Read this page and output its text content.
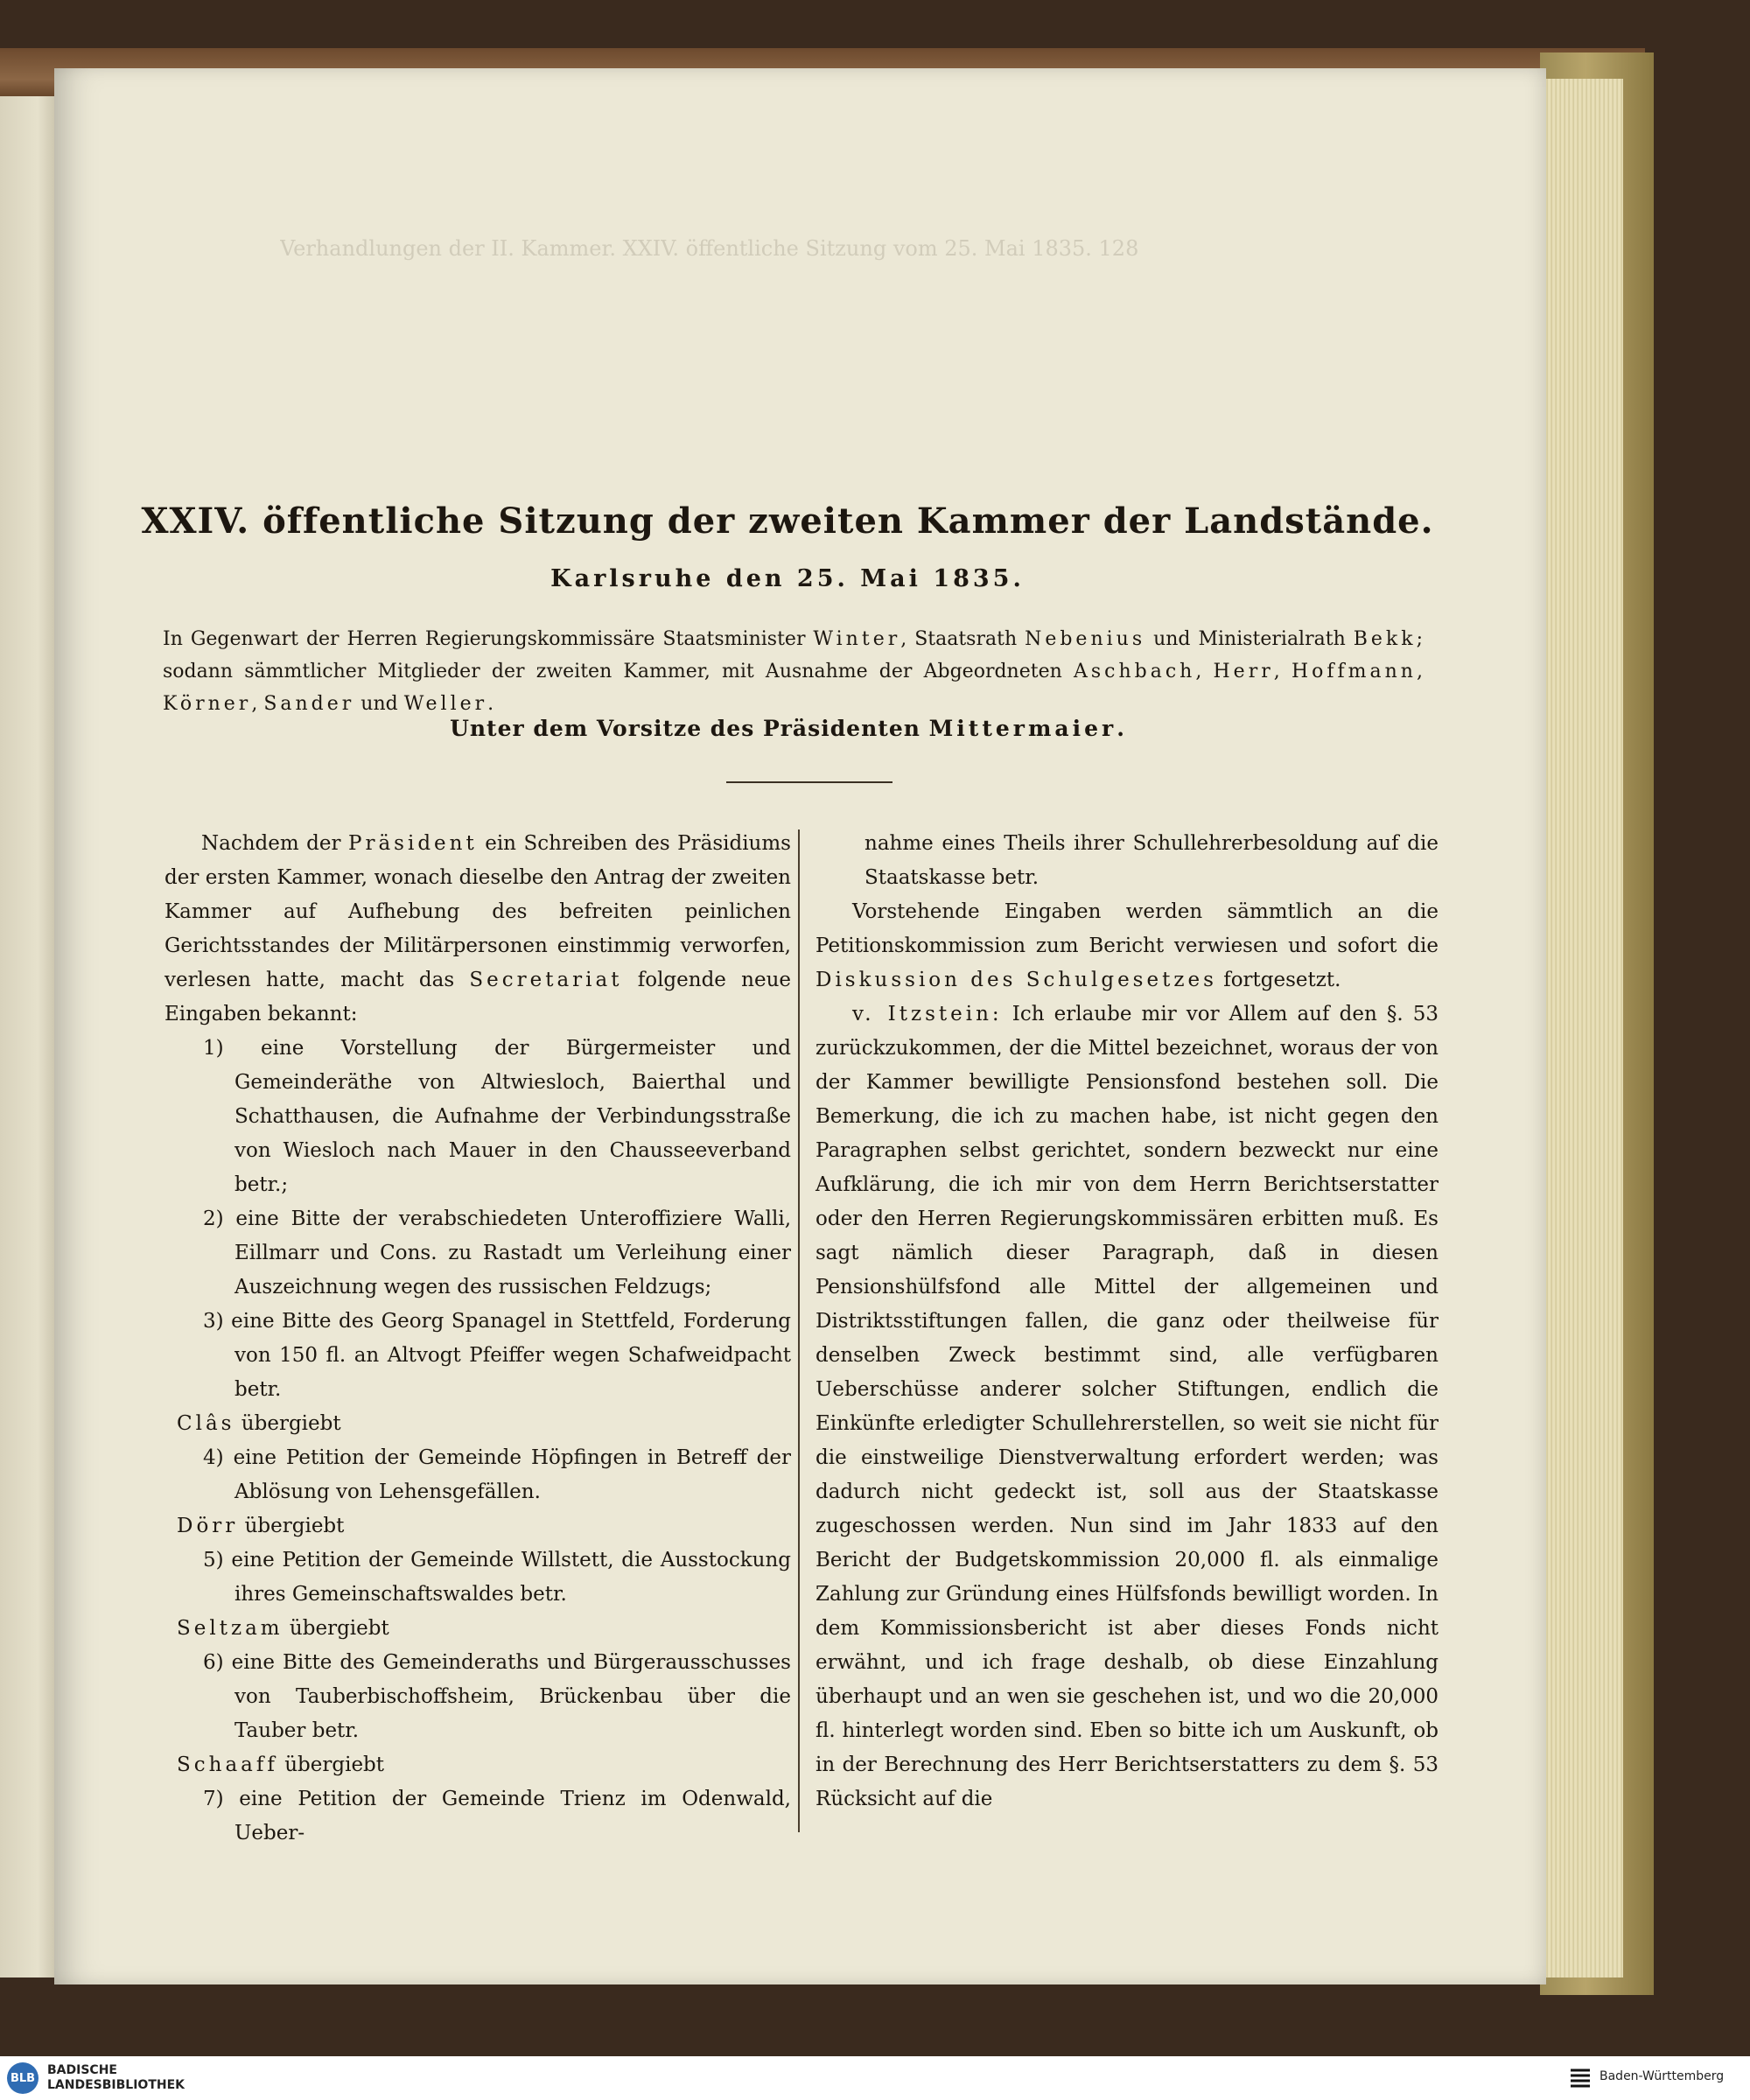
Verhandlungen der II. Kammer. XXIV. öffentliche Sitzung vom 25. Mai 1835. 128
XXIV. öffentliche Sitzung der zweiten Kammer der Landstände.
Karlsruhe den 25. Mai 1835.
In Gegenwart der Herren Regierungskommissäre Staatsminister Winter, Staatsrath Nebenius und Ministerialrath Bekk; sodann sämmtlicher Mitglieder der zweiten Kammer, mit Ausnahme der Abgeordneten Aschbach, Herr, Hoffmann, Körner, Sander und Weller.
Unter dem Vorsitze des Präsidenten Mittermaier.

Nachdem der Präsident ein Schreiben des Präsidiums der ersten Kammer, wonach dieselbe den Antrag der zweiten Kammer auf Aufhebung des befreiten peinlichen Gerichtsstandes der Militärpersonen einstimmig verworfen, verlesen hatte, macht das Secretariat folgende neue Eingaben bekannt:

1) eine Vorstellung der Bürgermeister und Gemeinderäthe von Altwiesloch, Baierthal und Schatthausen, die Aufnahme der Verbindungsstraße von Wiesloch nach Mauer in den Chausseeverband betr.;

2) eine Bitte der verabschiedeten Unteroffiziere Walli, Eillmarr und Cons. zu Rastadt um Verleihung einer Auszeichnung wegen des russischen Feldzugs;

3) eine Bitte des Georg Spanagel in Stettfeld, Forderung von 150 fl. an Altvogt Pfeiffer wegen Schafweidpacht betr.

Clâs übergiebt

4) eine Petition der Gemeinde Höpfingen in Betreff der Ablösung von Lehensgefällen.

Dörr übergiebt

5) eine Petition der Gemeinde Willstett, die Ausstockung ihres Gemeinschaftswaldes betr.

Seltzam übergiebt

6) eine Bitte des Gemeinderaths und Bürgerausschusses von Tauberbischoffsheim, Brückenbau über die Tauber betr.

Schaaff übergiebt

7) eine Petition der Gemeinde Trienz im Odenwald, Ueber-

nahme eines Theils ihrer Schullehrerbesoldung auf die Staatskasse betr.

Vorstehende Eingaben werden sämmtlich an die Petitionskommission zum Bericht verwiesen und sofort die Diskussion des Schulgesetzes fortgesetzt.

v. Itzstein: Ich erlaube mir vor Allem auf den §. 53 zurückzukommen, der die Mittel bezeichnet, woraus der von der Kammer bewilligte Pensionsfond bestehen soll. Die Bemerkung, die ich zu machen habe, ist nicht gegen den Paragraphen selbst gerichtet, sondern bezweckt nur eine Aufklärung, die ich mir von dem Herrn Berichtserstatter oder den Herren Regierungskommissären erbitten muß. Es sagt nämlich dieser Paragraph, daß in diesen Pensionshülfsfond alle Mittel der allgemeinen und Distriktsstiftungen fallen, die ganz oder theilweise für denselben Zweck bestimmt sind, alle verfügbaren Ueberschüsse anderer solcher Stiftungen, endlich die Einkünfte erledigter Schullehrerstellen, so weit sie nicht für die einstweilige Dienstverwaltung erfordert werden; was dadurch nicht gedeckt ist, soll aus der Staatskasse zugeschossen werden. Nun sind im Jahr 1833 auf den Bericht der Budgetskommission 20,000 fl. als einmalige Zahlung zur Gründung eines Hülfsfonds bewilligt worden. In dem Kommissionsbericht ist aber dieses Fonds nicht erwähnt, und ich frage deshalb, ob diese Einzahlung überhaupt und an wen sie geschehen ist, und wo die 20,000 fl. hinterlegt worden sind. Eben so bitte ich um Auskunft, ob in der Berechnung des Herr Berichtserstatters zu dem §. 53 Rücksicht auf die

BLB
BADISCHE
LANDESBIBLIOTHEK
Baden-Württemberg
